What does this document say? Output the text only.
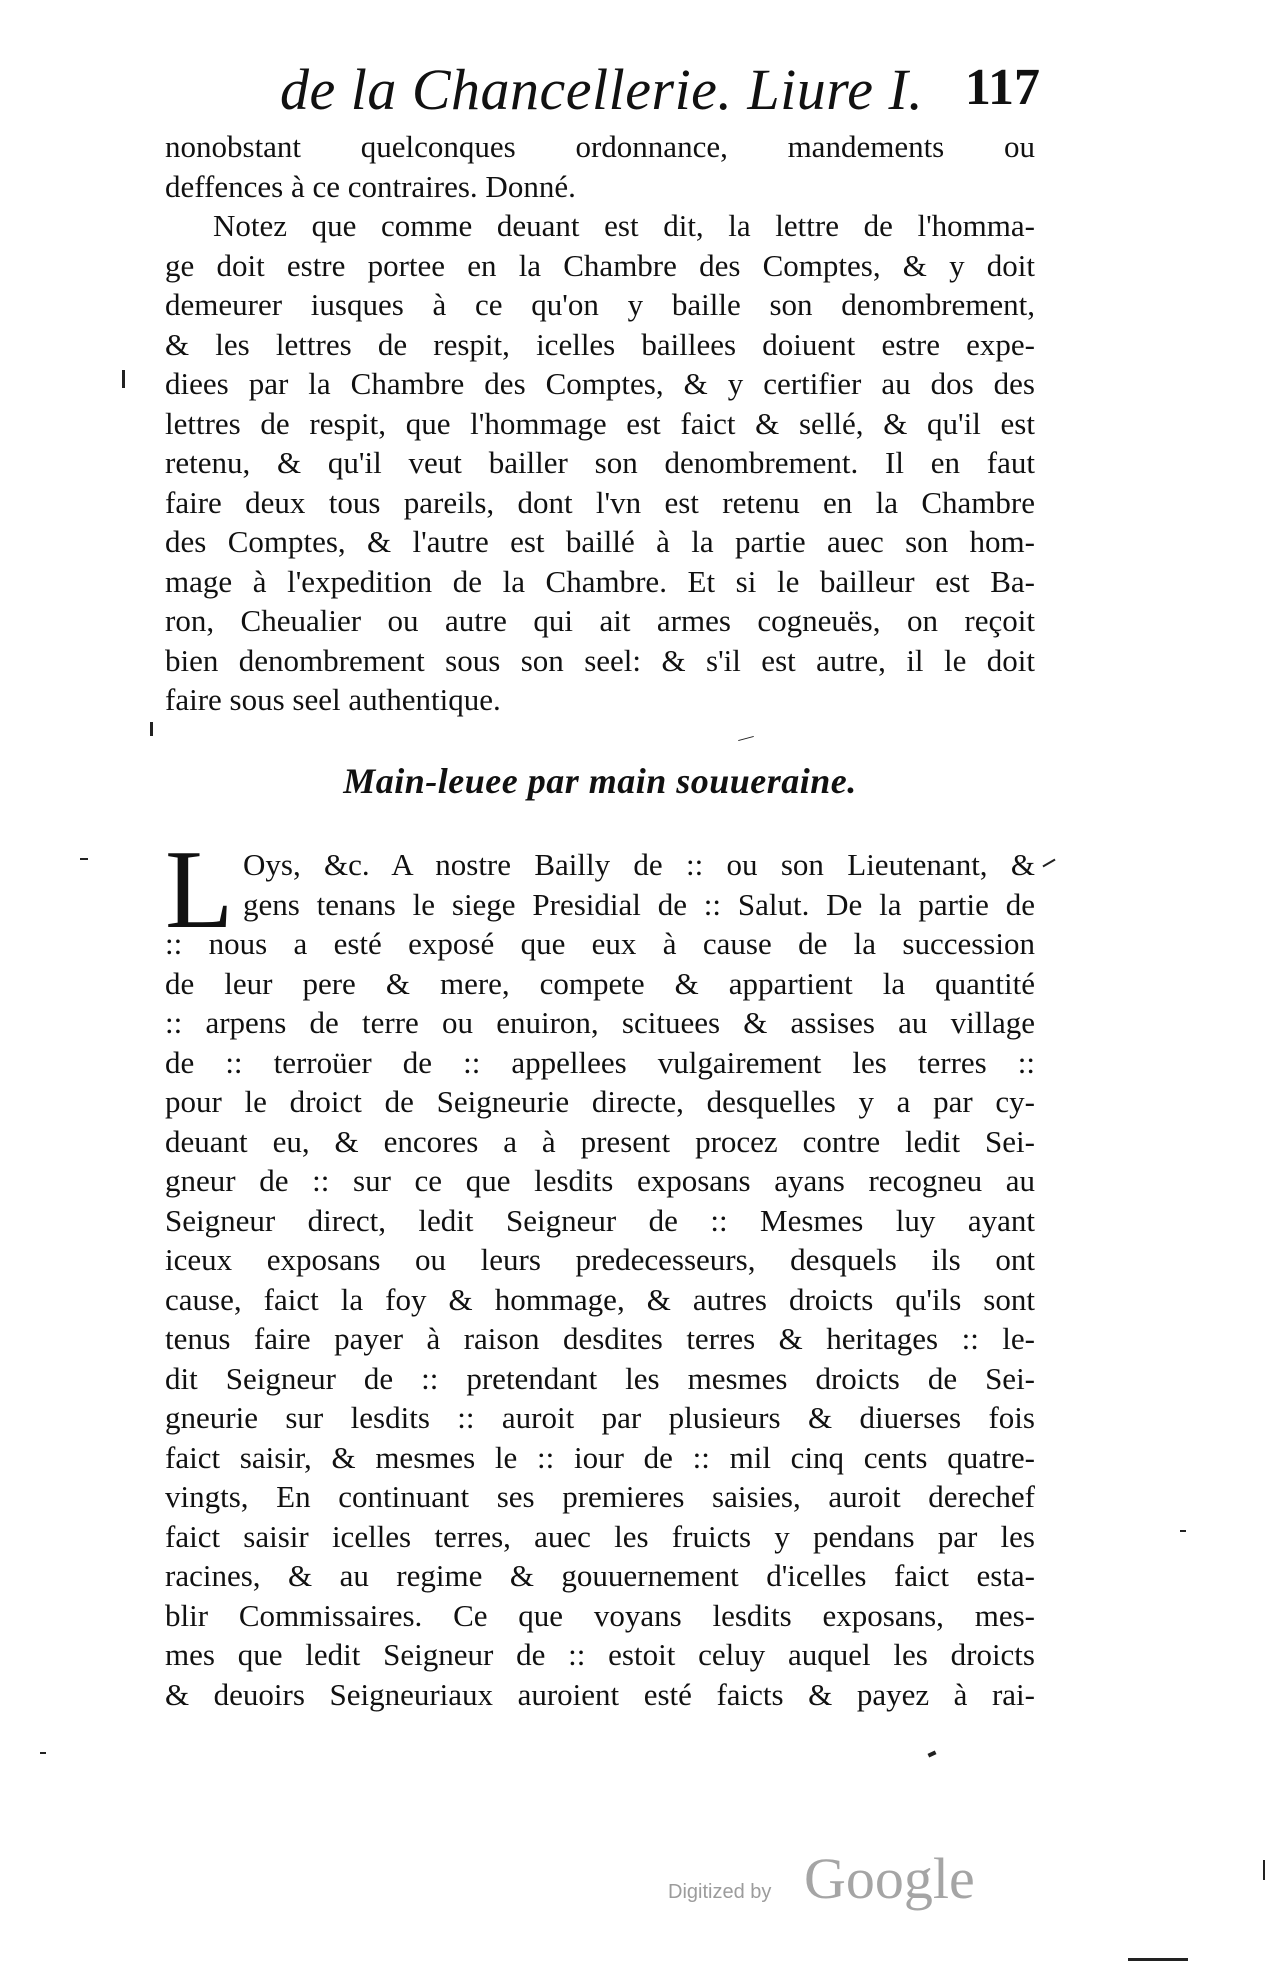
de la Chancellerie. Liure I. 117
nonobstant quelconques ordonnance, mandements ou
deffences à ce contraires. Donné.
Notez que comme deuant est dit, la lettre de l'homma-
ge doit estre portee en la Chambre des Comptes, & y doit
demeurer iusques à ce qu'on y baille son denombrement,
& les lettres de respit, icelles baillees doiuent estre expe-
diees par la Chambre des Comptes, & y certifier au dos des
lettres de respit, que l'hommage est faict & sellé, & qu'il est
retenu, & qu'il veut bailler son denombrement. Il en faut
faire deux tous pareils, dont l'vn est retenu en la Chambre
des Comptes, & l'autre est baillé à la partie auec son hom-
mage à l'expedition de la Chambre. Et si le bailleur est Ba-
ron, Cheualier ou autre qui ait armes cogneuës, on reçoit
bien denombrement sous son seel: & s'il est autre, il le doit
faire sous seel authentique.
Main-leuee par main souueraine.
L Oys, &c. A nostre Bailly de :: ou son Lieutenant, &
gens tenans le siege Presidial de :: Salut. De la partie de
:: nous a esté exposé que eux à cause de la succession
de leur pere & mere, compete & appartient la quantité
:: arpens de terre ou enuiron, scituees & assises au village
de :: terroüer de :: appellees vulgairement les terres ::
pour le droict de Seigneurie directe, desquelles y a par cy-
deuant eu, & encores a à present procez contre ledit Sei-
gneur de :: sur ce que lesdits exposans ayans recogneu au
Seigneur direct, ledit Seigneur de :: Mesmes luy ayant
iceux exposans ou leurs predecesseurs, desquels ils ont
cause, faict la foy & hommage, & autres droicts qu'ils sont
tenus faire payer à raison desdites terres & heritages :: le-
dit Seigneur de :: pretendant les mesmes droicts de Sei-
gneurie sur lesdits :: auroit par plusieurs & diuerses fois
faict saisir, & mesmes le :: iour de :: mil cinq cents quatre-
vingts, En continuant ses premieres saisies, auroit derechef
faict saisir icelles terres, auec les fruicts y pendans par les
racines, & au regime & gouuernement d'icelles faict esta-
blir Commissaires. Ce que voyans lesdits exposans, mes-
mes que ledit Seigneur de :: estoit celuy auquel les droicts
& deuoirs Seigneuriaux auroient esté faicts & payez à rai-
Digitized by Google
